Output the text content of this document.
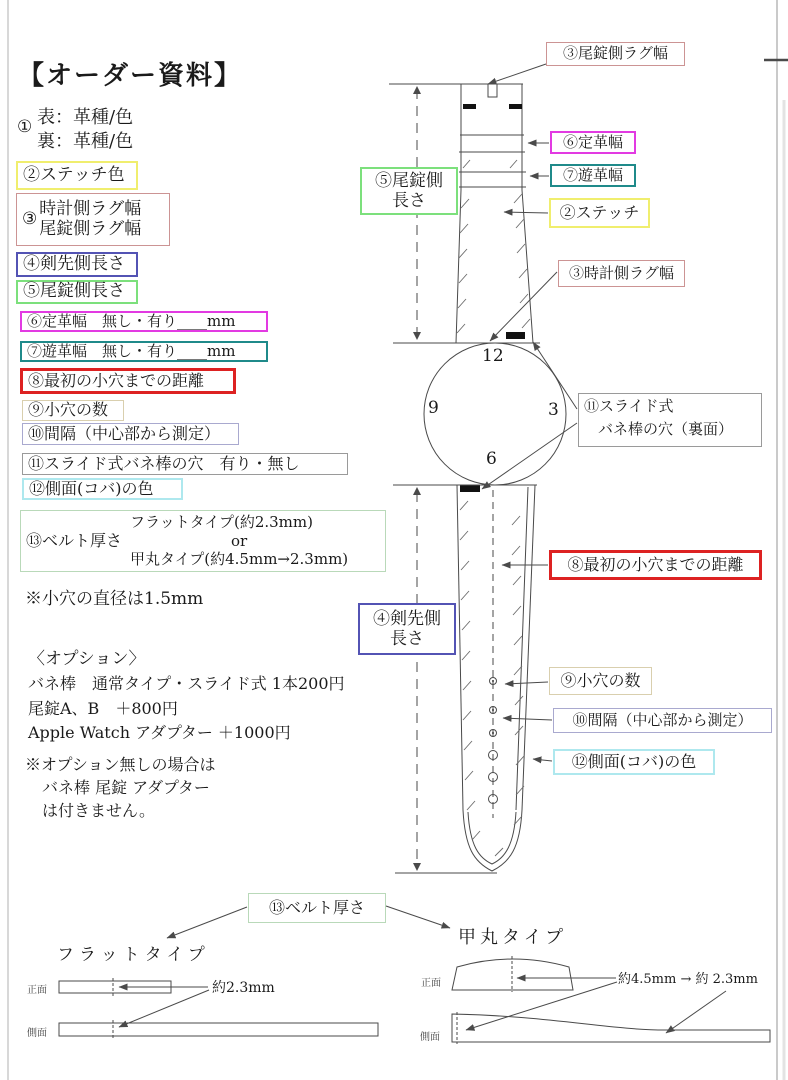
【オーダー資料】
① 表：革種/色
裏：革種/色
②ステッチ色
③ 時計側ラグ幅
尾錠側ラグ幅
④剣先側長さ
⑤尾錠側長さ
⑥定革幅　無し・有り____mm
⑦遊革幅　無し・有り____mm
⑧最初の小穴までの距離
⑨小穴の数
⑩間隔（中心部から測定）
⑪スライド式バネ棒の穴　有り・無し
⑫側面(コバ)の色
⑬ベルト厚さ
フラットタイプ(約2.3mm)
or
甲丸タイプ(約4.5mm→2.3mm)
※小穴の直径は1.5mm
〈オプション〉
バネ棒　通常タイプ・スライド式 1本200円
尾錠A、B　＋800円
Apple Watch アダプター ＋1000円
※オプション無しの場合は
バネ棒 尾錠 アダプター
は付きません。
③尾錠側ラグ幅
⑤尾錠側
長さ
⑥定革幅
⑦遊革幅
②ステッチ
③時計側ラグ幅
⑪スライド式
バネ棒の穴（裏面）
⑧最初の小穴までの距離
④剣先側
長さ
⑨小穴の数
⑩間隔（中心部から測定）
⑫側面(コバ)の色
⑬ベルト厚さ
12
9	3
6
フラットタイプ
甲丸タイプ
正面
側面
正面
側面
約2.3mm
約4.5mm → 約 2.3mm
